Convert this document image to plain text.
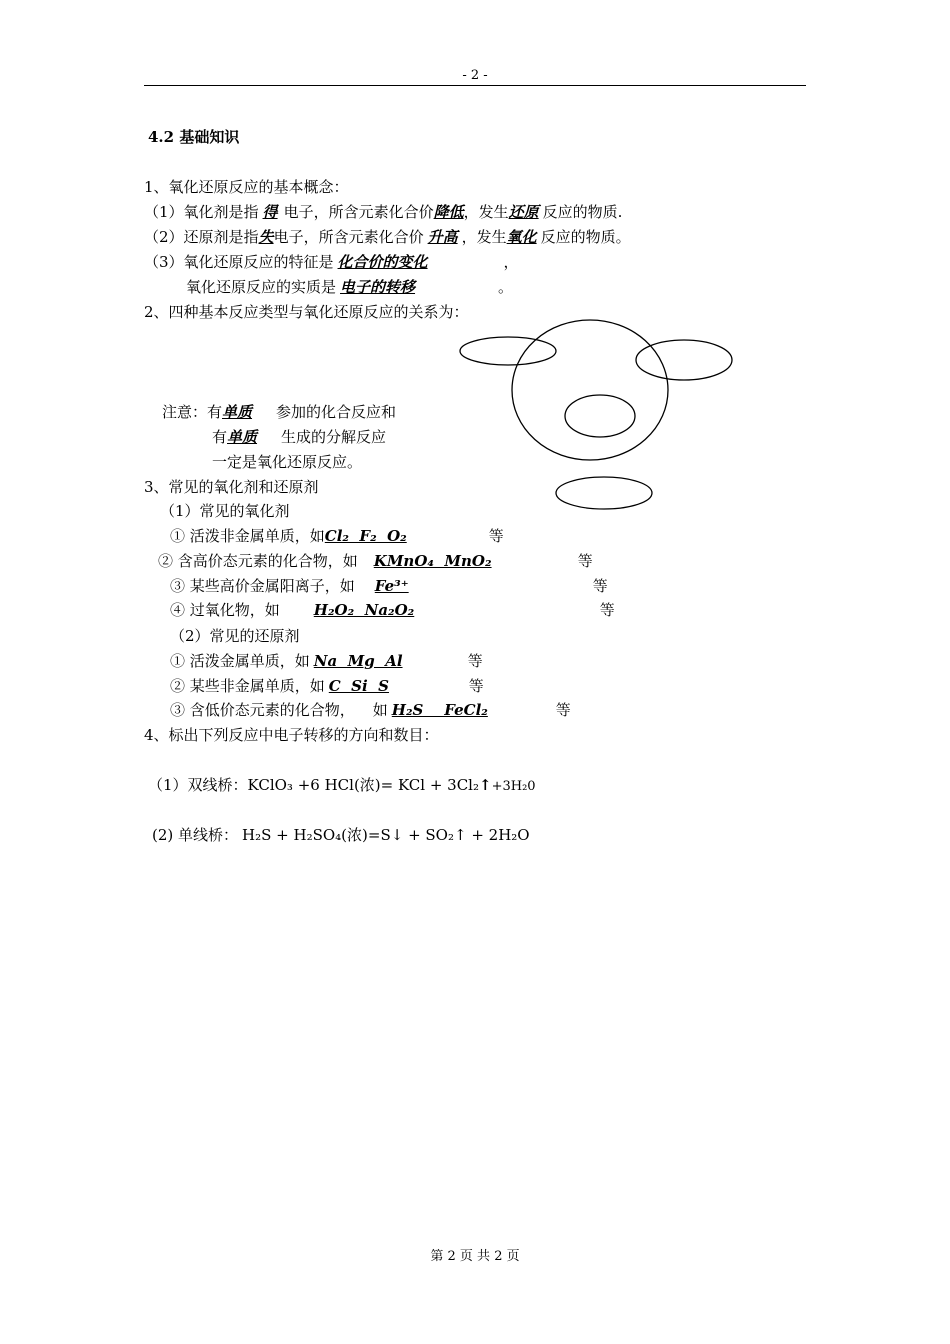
- 2 -
4.2 基础知识
1、氧化还原反应的基本概念：
（1）氧化剂是指 得 电子，所含元素化合价降低，发生还原 反应的物质.
（2）还原剂是指失电子，所含元素化合价 升高 ，发生氧化 反应的物质。
（3）氧化还原反应的特征是 化合价的变化	，
氧化还原反应的实质是 电子的转移	。
2、四种基本反应类型与氧化还原反应的关系为：
注意：有单质 参加的化合反应和
有单质 生成的分解反应
一定是氧化还原反应。
3、常见的氧化剂和还原剂
（1）常见的氧化剂
① 活泼非金属单质，如Cl₂  F₂  O₂	等
② 含高价态元素的化合物，如 KMnO₄  MnO₂	等
③ 某些高价金属阳离子，如 Fe³⁺	等
④ 过氧化物，如 H₂O₂  Na₂O₂	等
（2）常见的还原剂
① 活泼金属单质，如 Na  Mg  Al	等
② 某些非金属单质，如 C  Si  S	等
③ 含低价态元素的化合物， 如 H₂S    FeCl₂	等
4、标出下列反应中电子转移的方向和数目：
（1）双线桥：KClO₃ +6 HCl(浓)= KCl + 3Cl₂↑+3H₂0
(2) 单线桥： H₂S + H₂SO₄(浓)=S↓ + SO₂↑ + 2H₂O
第 2 页 共 2 页
